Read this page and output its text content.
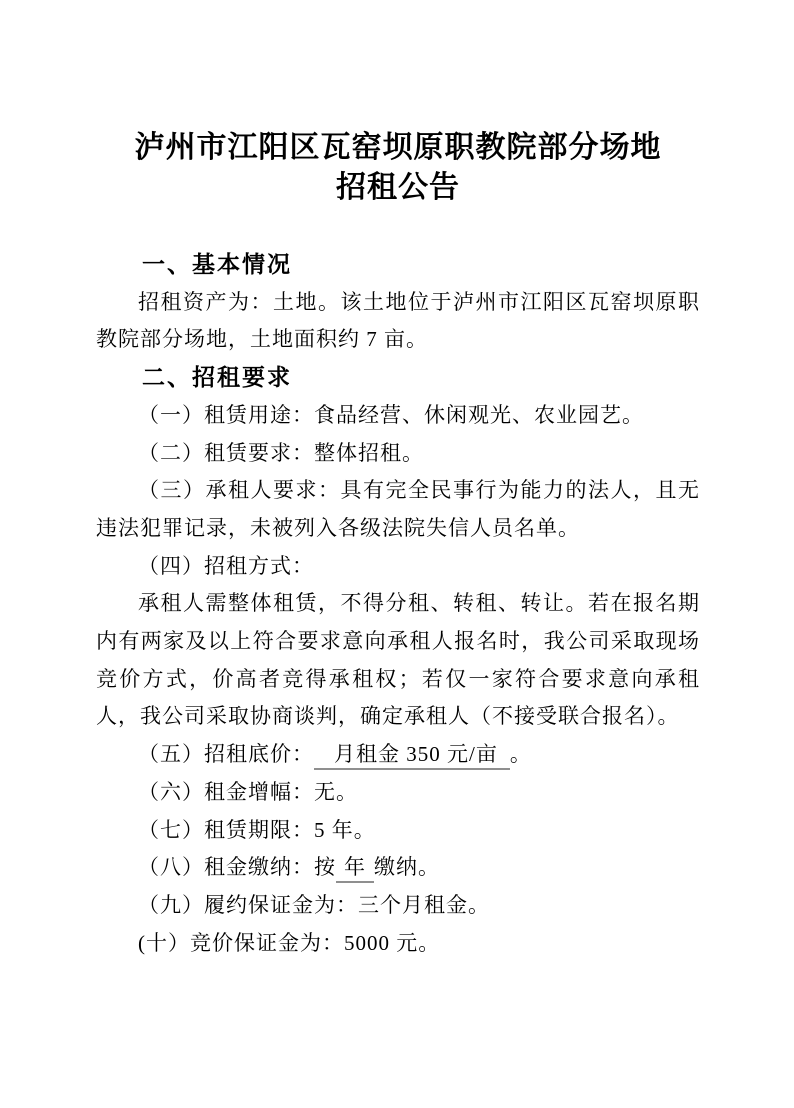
泸州市江阳区瓦窑坝原职教院部分场地
招租公告

一、基本情况

招租资产为：土地。该土地位于泸州市江阳区瓦窑坝原职教院部分场地，土地面积约 7 亩。

二、招租要求

（一）租赁用途：食品经营、休闲观光、农业园艺。

（二）租赁要求：整体招租。

（三）承租人要求：具有完全民事行为能力的法人，且无违法犯罪记录，未被列入各级法院失信人员名单。

（四）招租方式：

承租人需整体租赁，不得分租、转租、转让。若在报名期内有两家及以上符合要求意向承租人报名时，我公司采取现场竞价方式，价高者竞得承租权；若仅一家符合要求意向承租人，我公司采取协商谈判，确定承租人（不接受联合报名）。

（五）招租底价： 月租金 350 元/亩 。

（六）租金增幅：无。

（七）租赁期限：5 年。

（八）租金缴纳：按 年 缴纳。

（九）履约保证金为：三个月租金。

(十）竞价保证金为：5000 元。
